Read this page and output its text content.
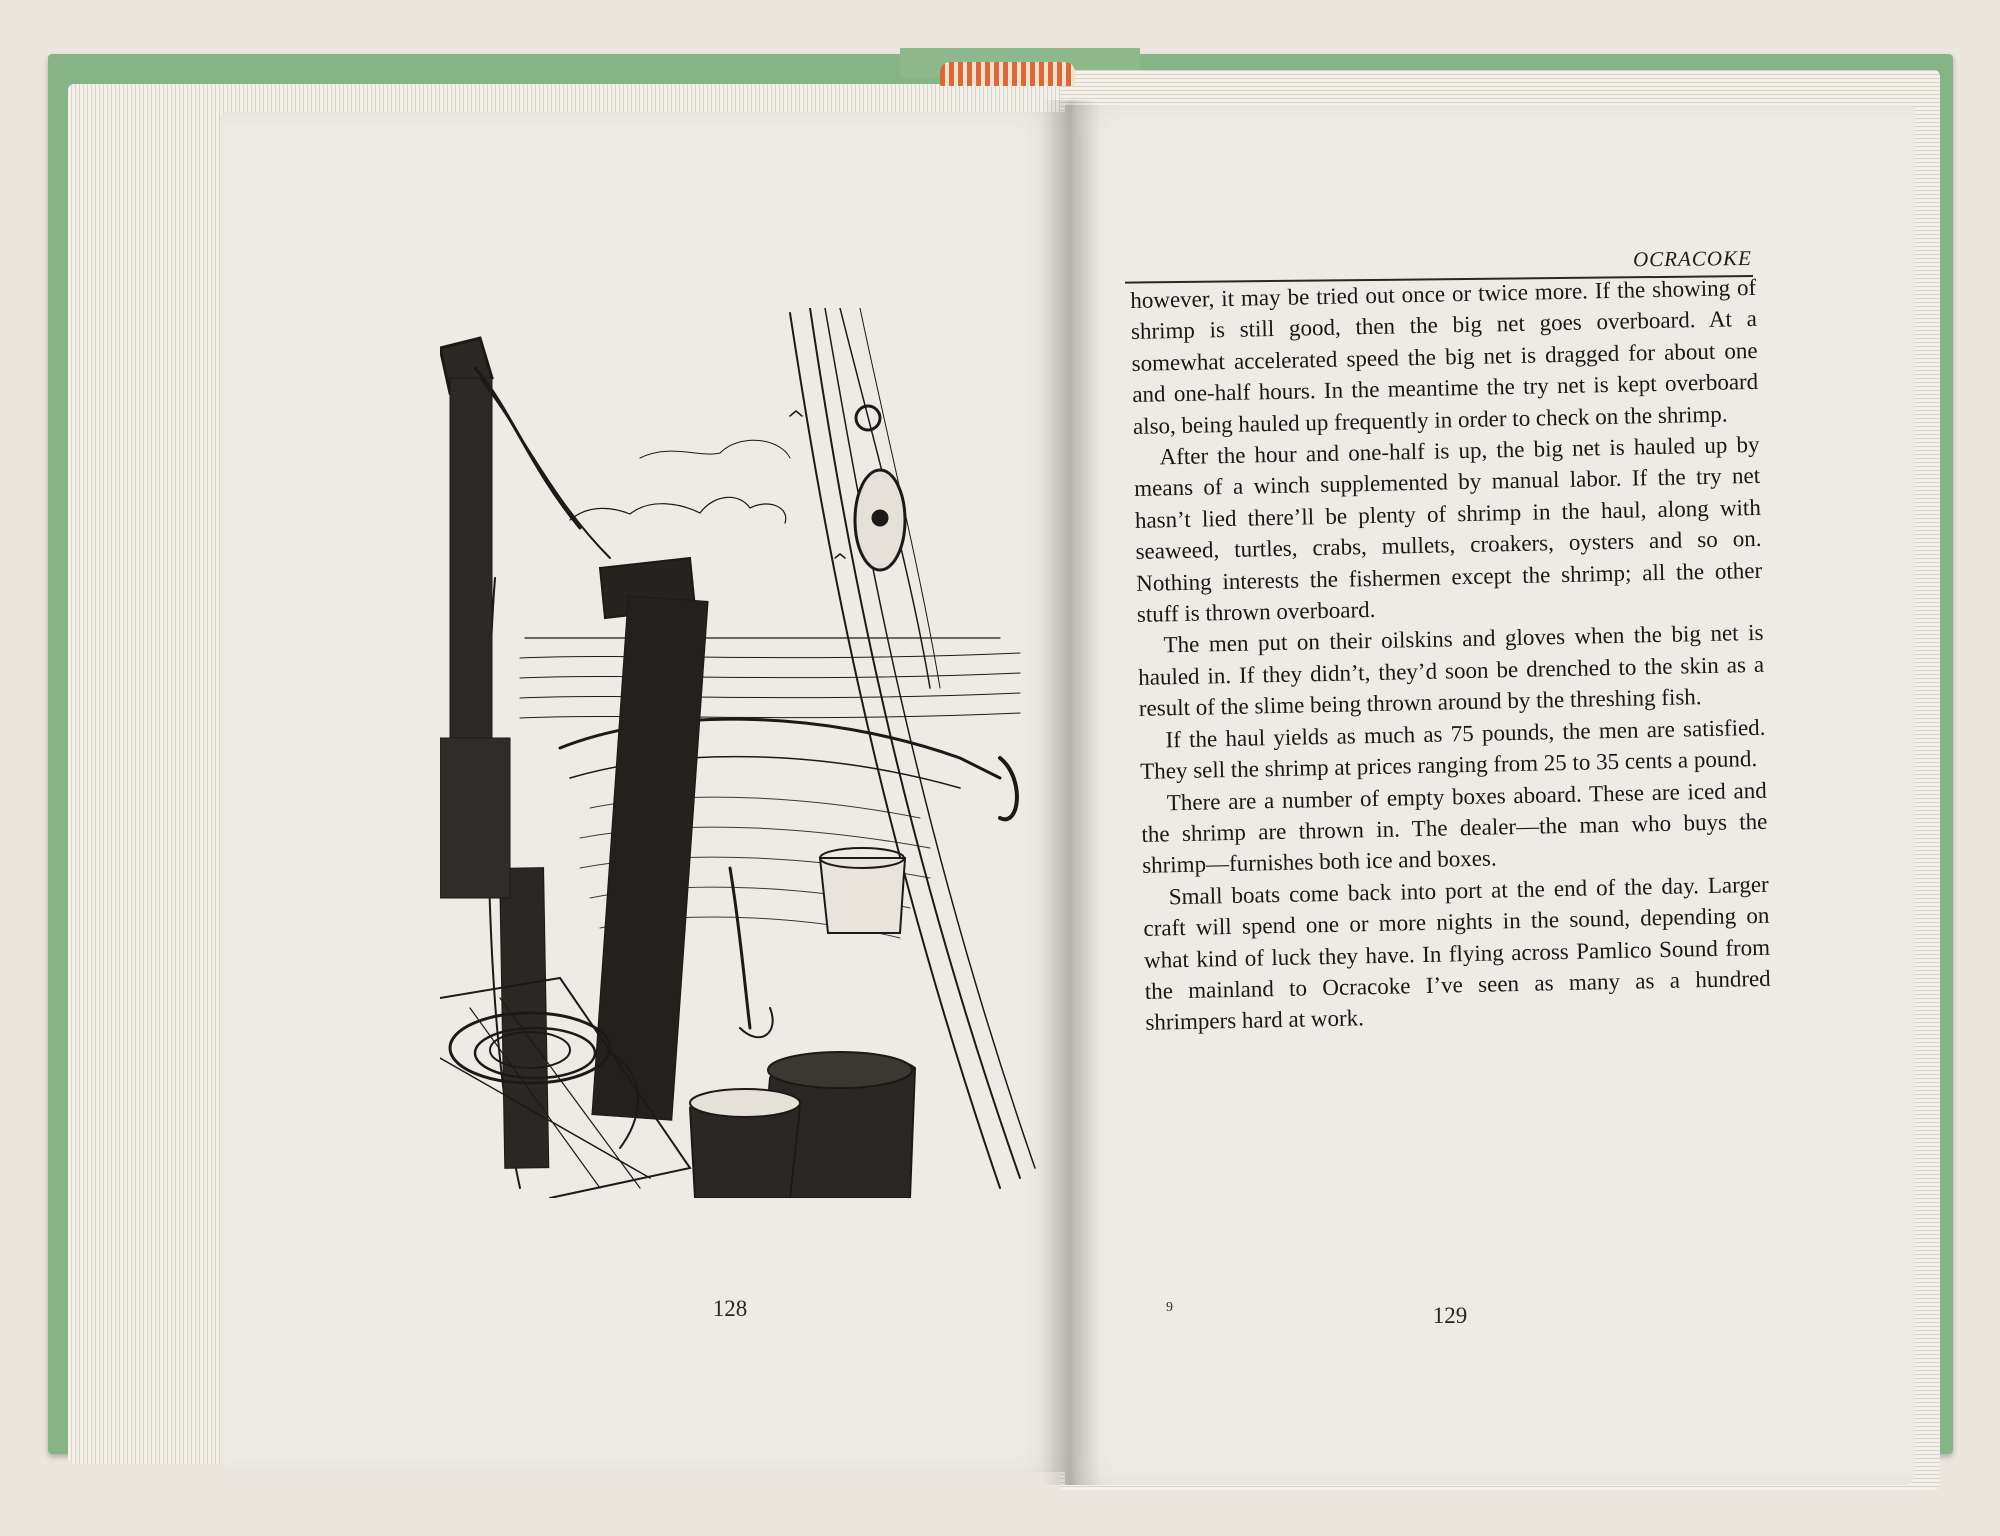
128
OCRACOKE

however, it may be tried out once or twice more. If the showing of shrimp is still good, then the big net goes overboard. At a somewhat accelerated speed the big net is dragged for about one and one-half hours. In the meantime the try net is kept overboard also, being hauled up frequently in order to check on the shrimp.

After the hour and one-half is up, the big net is hauled up by means of a winch supplemented by manual labor. If the try net hasn’t lied there’ll be plenty of shrimp in the haul, along with seaweed, turtles, crabs, mullets, croakers, oysters and so on. Nothing interests the fishermen except the shrimp; all the other stuff is thrown overboard.

The men put on their oilskins and gloves when the big net is hauled in. If they didn’t, they’d soon be drenched to the skin as a result of the slime being thrown around by the threshing fish.

If the haul yields as much as 75 pounds, the men are satisfied. They sell the shrimp at prices ranging from 25 to 35 cents a pound.

There are a number of empty boxes aboard. These are iced and the shrimp are thrown in. The dealer—the man who buys the shrimp—furnishes both ice and boxes.

Small boats come back into port at the end of the day. Larger craft will spend one or more nights in the sound, depending on what kind of luck they have. In flying across Pamlico Sound from the mainland to Ocracoke I’ve seen as many as a hundred shrimpers hard at work.

9	129
